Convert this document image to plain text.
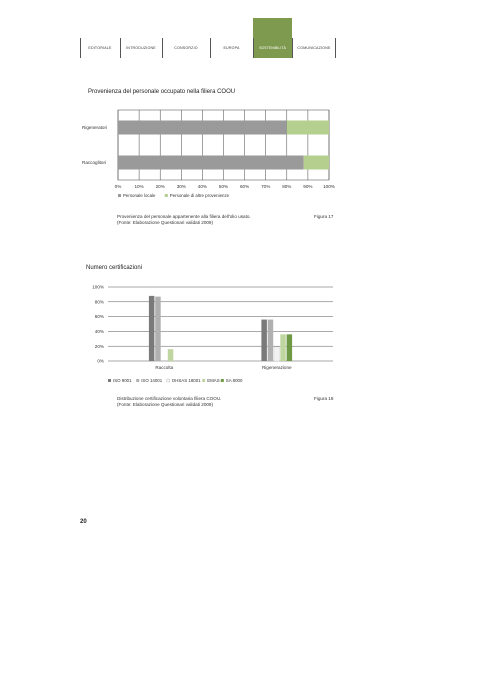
EDITORIALE	INTRODUZIONE	CONSORZIO	EUROPA	SOSTENIBILITÀ	COMUNICAZIONE
Provenienza del personale occupato nella filiera COOU
0%	10%	20%	30%	40%	50%	60%	70%	80%	90% 100%
Rigeneratori
Raccoglitori
Personale locale	Personale di altre provenienze
Provenienza del personale appartenente alla filiera dell'olio usato.
(Fonte: Elaborazione Questionari validati 2009)
Figura 17
Numero certificazioni
100%
80%
60%
40%
20%
0%
Raccolta	Rigenerazione
ISO 9001 ISO 14001 OHSAS 18001 EMAS SA 8000
Distribuzione certificazione volontaria filiera COOU.
(Fonte: Elaborazione Questionari validati 2009)
Figura 18
20
